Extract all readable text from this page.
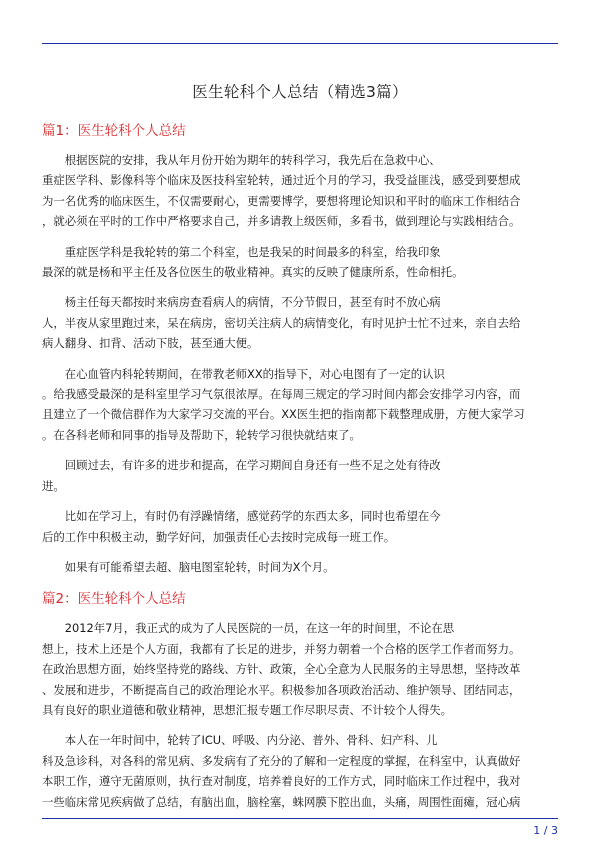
医生轮科个人总结（精选3篇）
篇1：医生轮科个人总结

　　根据医院的安排，我从年月份开始为期年的转科学习，我先后在急救中心、
重症医学科、影像科等个临床及医技科室轮转，通过近个月的学习，我受益匪浅，感受到要想成
为一名优秀的临床医生，不仅需要耐心，更需要博学，要想将理论知识和平时的临床工作相结合
，就必须在平时的工作中严格要求自己，并多请教上级医师，多看书，做到理论与实践相结合。

　　重症医学科是我轮转的第二个科室，也是我呆的时间最多的科室，给我印象
最深的就是杨和平主任及各位医生的敬业精神。真实的反映了健康所系，性命相托。

　　杨主任每天都按时来病房查看病人的病情，不分节假日，甚至有时不放心病
人，半夜从家里跑过来，呆在病房，密切关注病人的病情变化，有时见护士忙不过来，亲自去给
病人翻身、扣背、活动下肢，甚至通大便。

　　在心血管内科轮转期间，在带教老师XX的指导下，对心电图有了一定的认识
。给我感受最深的是科室里学习气氛很浓厚。在每周三规定的学习时间内都会安排学习内容，而
且建立了一个微信群作为大家学习交流的平台。XX医生把的指南都下载整理成册，方便大家学习
。在各科老师和同事的指导及帮助下，轮转学习很快就结束了。

　　回顾过去，有许多的进步和提高，在学习期间自身还有一些不足之处有待改
进。

　　比如在学习上，有时仍有浮躁情绪，感觉药学的东西太多，同时也希望在今
后的工作中积极主动，勤学好问，加强责任心去按时完成每一班工作。

　　如果有可能希望去超、脑电图室轮转，时间为X个月。

篇2：医生轮科个人总结

　　2012年7月，我正式的成为了人民医院的一员，在这一年的时间里，不论在思
想上，技术上还是个人方面，我都有了长足的进步，并努力朝着一个合格的医学工作者而努力。
在政治思想方面，始终坚持党的路线、方针、政策，全心全意为人民服务的主导思想，坚持改革
、发展和进步，不断提高自己的政治理论水平。积极参加各项政治活动、维护领导、团结同志，
具有良好的职业道德和敬业精神，思想汇报专题工作尽职尽责、不计较个人得失。

　　本人在一年时间中，轮转了ICU、呼吸、内分泌、普外、骨科、妇产科、儿
科及急诊科，对各科的常见病、多发病有了充分的了解和一定程度的掌握，在科室中，认真做好
本职工作，遵守无菌原则，执行查对制度，培养着良好的工作方式，同时临床工作过程中，我对
一些临床常见疾病做了总结，有脑出血，脑栓塞，蛛网膜下腔出血，头痛，周围性面瘫，冠心病

1 / 3
